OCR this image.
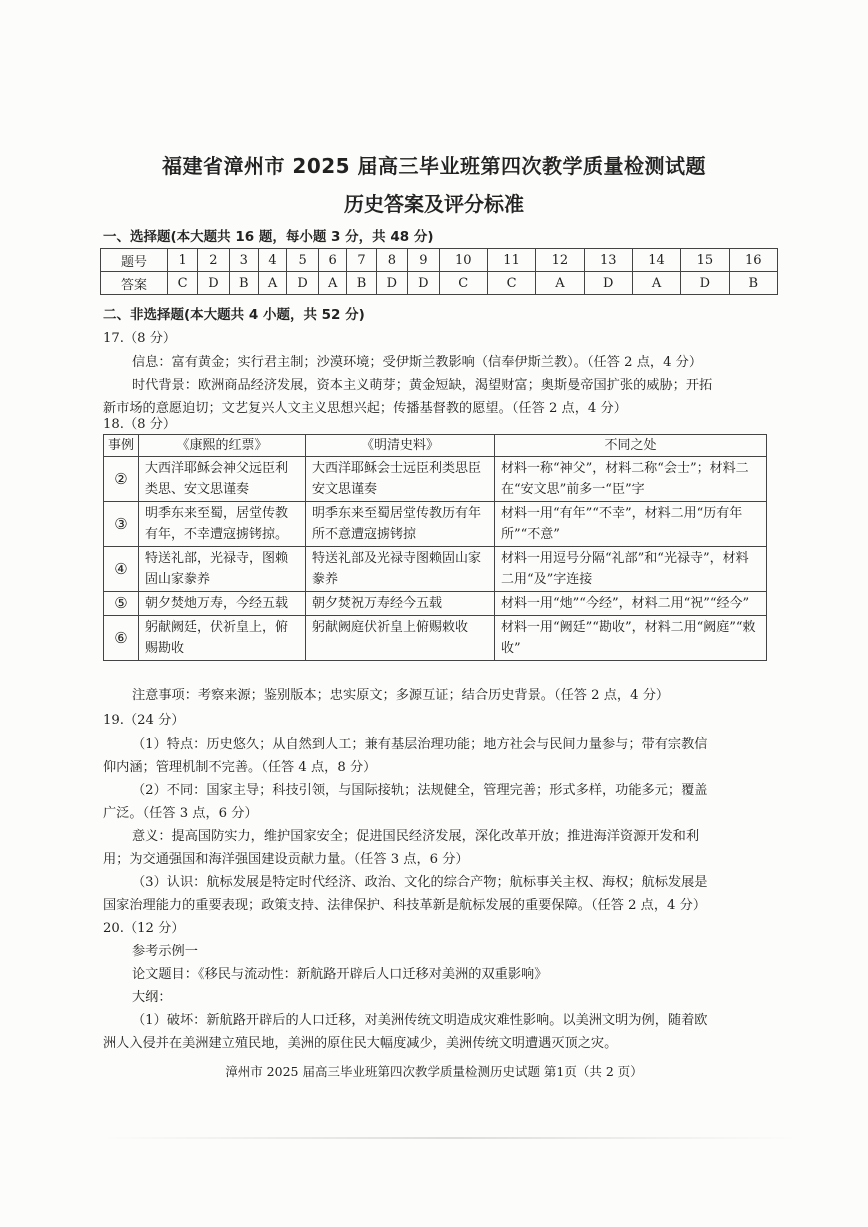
福建省漳州市 2025 届高三毕业班第四次教学质量检测试题
历史答案及评分标准
一、选择题(本大题共 16 题，每小题 3 分，共 48 分)
题号	1	2	3	4	5	6	7	8	9	10	11	12	13	14	15	16
答案	C	D	B	A	D	A	B	D	D	C	C	A	D	A	D	B
二、非选择题(本大题共 4 小题，共 52 分)
17.（8 分）
信息：富有黄金；实行君主制；沙漠环境；受伊斯兰教影响（信奉伊斯兰教）。（任答 2 点，4 分）
时代背景：欧洲商品经济发展，资本主义萌芽；黄金短缺，渴望财富；奥斯曼帝国扩张的威胁；开拓
新市场的意愿迫切；文艺复兴人文主义思想兴起；传播基督教的愿望。（任答 2 点，4 分）
18.（8 分）
事例	《康熙的红票》	《明清史料》	不同之处
②	大西洋耶稣会神父远臣利类思、安文思谨奏	大西洋耶稣会士远臣利类思臣安文思谨奏	材料一称“神父”，材料二称“会士”；材料二在“安文思”前多一“臣”字
③	明季东来至蜀，居堂传教有年，不幸遭寇掳铐掠。	明季东来至蜀居堂传教历有年所不意遭寇掳铐掠	材料一用“有年”“不幸”，材料二用“历有年所”“不意”
④	特送礼部，光禄寺，图赖固山家豢养	特送礼部及光禄寺图赖固山家豢养	材料一用逗号分隔“礼部”和“光禄寺”，材料二用“及”字连接
⑤	朝夕焚灺万寿，今经五载	朝夕焚祝万寿经今五载	材料一用“灺”“今经”，材料二用“祝”“经今”
⑥	躬献阙廷，伏祈皇上，俯赐勘收	躬献阙庭伏祈皇上俯赐敕收	材料一用“阙廷”“勘收”，材料二用“阙庭”“敕收”
注意事项：考察来源；鉴别版本；忠实原文；多源互证；结合历史背景。（任答 2 点，4 分）
19.（24 分）
（1）特点：历史悠久；从自然到人工；兼有基层治理功能；地方社会与民间力量参与；带有宗教信
仰内涵；管理机制不完善。（任答 4 点，8 分）
（2）不同：国家主导；科技引领，与国际接轨；法规健全，管理完善；形式多样，功能多元；覆盖
广泛。（任答 3 点，6 分）
意义：提高国防实力，维护国家安全；促进国民经济发展，深化改革开放；推进海洋资源开发和利
用；为交通强国和海洋强国建设贡献力量。（任答 3 点，6 分）
（3）认识：航标发展是特定时代经济、政治、文化的综合产物；航标事关主权、海权；航标发展是
国家治理能力的重要表现；政策支持、法律保护、科技革新是航标发展的重要保障。（任答 2 点，4 分）
20.（12 分）
参考示例一
论文题目：《移民与流动性：新航路开辟后人口迁移对美洲的双重影响》
大纲：
（1）破坏：新航路开辟后的人口迁移，对美洲传统文明造成灾难性影响。以美洲文明为例，随着欧
漳州市 2025 届高三毕业班第四次教学质量检测历史试题 第1页（共 2 页）
洲人入侵并在美洲建立殖民地，美洲的原住民大幅度减少，美洲传统文明遭遇灭顶之灾。
